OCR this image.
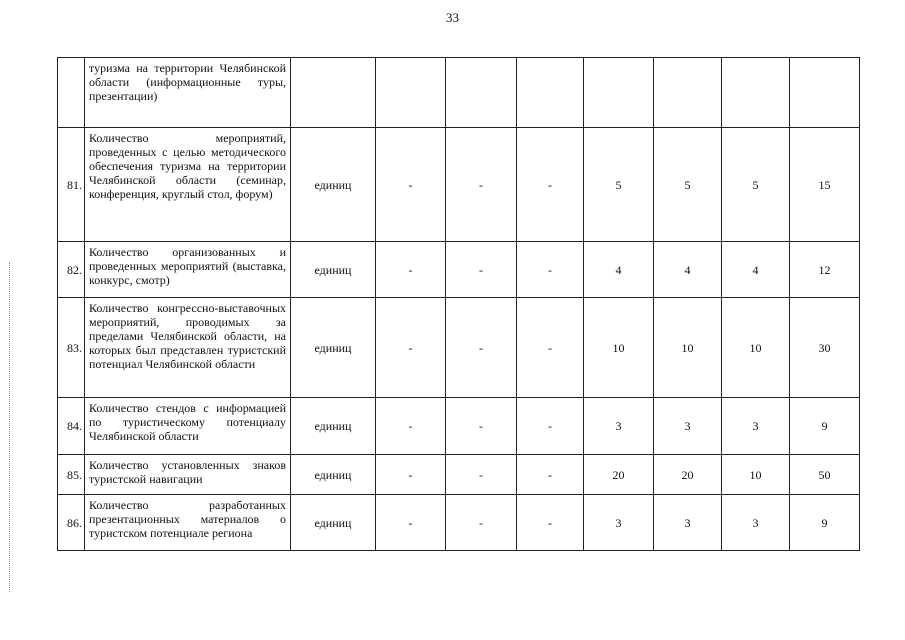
33
	туризма на территории Челябинской области (информационные туры, презентации)								
81.	Количество мероприятий, проведенных с целью методического обеспечения туризма на территории Челябинской области (семинар, конференция, круглый стол, форум)	единиц	-	-	-	5	5	5	15
82.	Количество организованных и проведенных мероприятий (выставка, конкурс, смотр)	единиц	-	-	-	4	4	4	12
83.	Количество конгрессно-выставочных мероприятий, проводимых за пределами Челябинской области, на которых был представлен туристский потенциал Челябинской области	единиц	-	-	-	10	10	10	30
84.	Количество стендов с информацией по туристическому потенциалу Челябинской области	единиц	-	-	-	3	3	3	9
85.	Количество установленных знаков туристской навигации	единиц	-	-	-	20	20	10	50
86.	Количество разработанных презентационных материалов о туристском потенциале региона	единиц	-	-	-	3	3	3	9
